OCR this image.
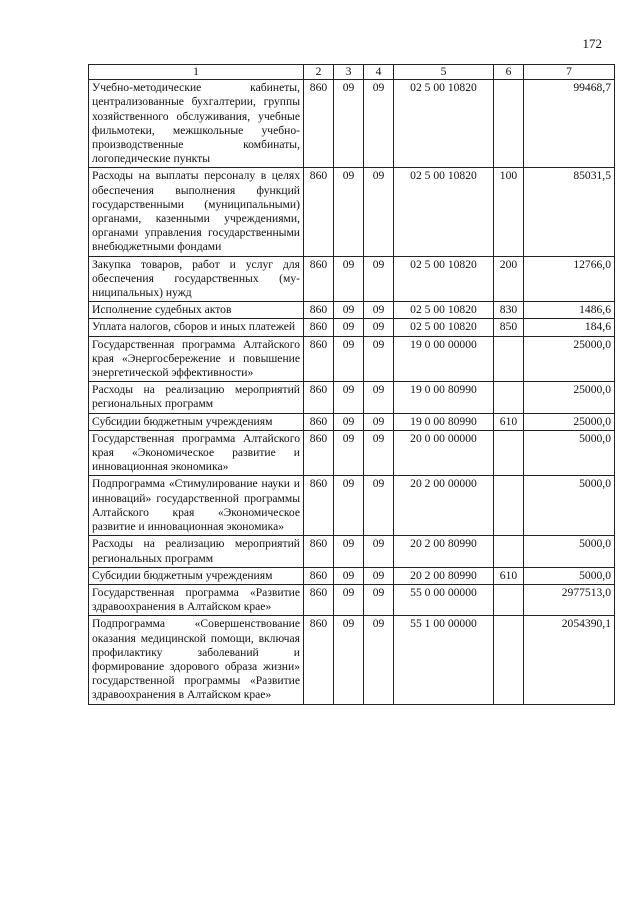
172
1	2	3	4	5	6	7
Учебно-методические кабинеты, централизованные бухгалтерии, группы хозяйственного обслуживания, учебные фильмотеки, межшкольные учебно-производственные комбинаты, логопедические пункты	860	09	09	02 5 00 10820		99468,7
Расходы на выплаты персоналу в целях обеспечения выполнения функций государственными (муниципальными) органами, казенными учреждениями, органами управления государственными внебюджетными фондами	860	09	09	02 5 00 10820	100	85031,5
Закупка товаров, работ и услуг для обеспечения государственных (муниципальных) нужд	860	09	09	02 5 00 10820	200	12766,0
Исполнение судебных актов	860	09	09	02 5 00 10820	830	1486,6
Уплата налогов, сборов и иных платежей	860	09	09	02 5 00 10820	850	184,6
Государственная программа Алтайского края «Энергосбережение и повышение энергетической эффективности»	860	09	09	19 0 00 00000		25000,0
Расходы на реализацию мероприятий региональных программ	860	09	09	19 0 00 80990		25000,0
Субсидии бюджетным учреждениям	860	09	09	19 0 00 80990	610	25000,0
Государственная программа Алтайского края «Экономическое развитие и инновационная экономика»	860	09	09	20 0 00 00000		5000,0
Подпрограмма «Стимулирование науки и инноваций» государственной программы Алтайского края «Экономическое развитие и инновационная экономика»	860	09	09	20 2 00 00000		5000,0
Расходы на реализацию мероприятий региональных программ	860	09	09	20 2 00 80990		5000,0
Субсидии бюджетным учреждениям	860	09	09	20 2 00 80990	610	5000,0
Государственная программа «Развитие здравоохранения в Алтайском крае»	860	09	09	55 0 00 00000		2977513,0
Подпрограмма «Совершенствование оказания медицинской помощи, включая профилактику заболеваний и формирование здорового образа жизни» государственной программы «Развитие здравоохранения в Алтайском крае»	860	09	09	55 1 00 00000		2054390,1
